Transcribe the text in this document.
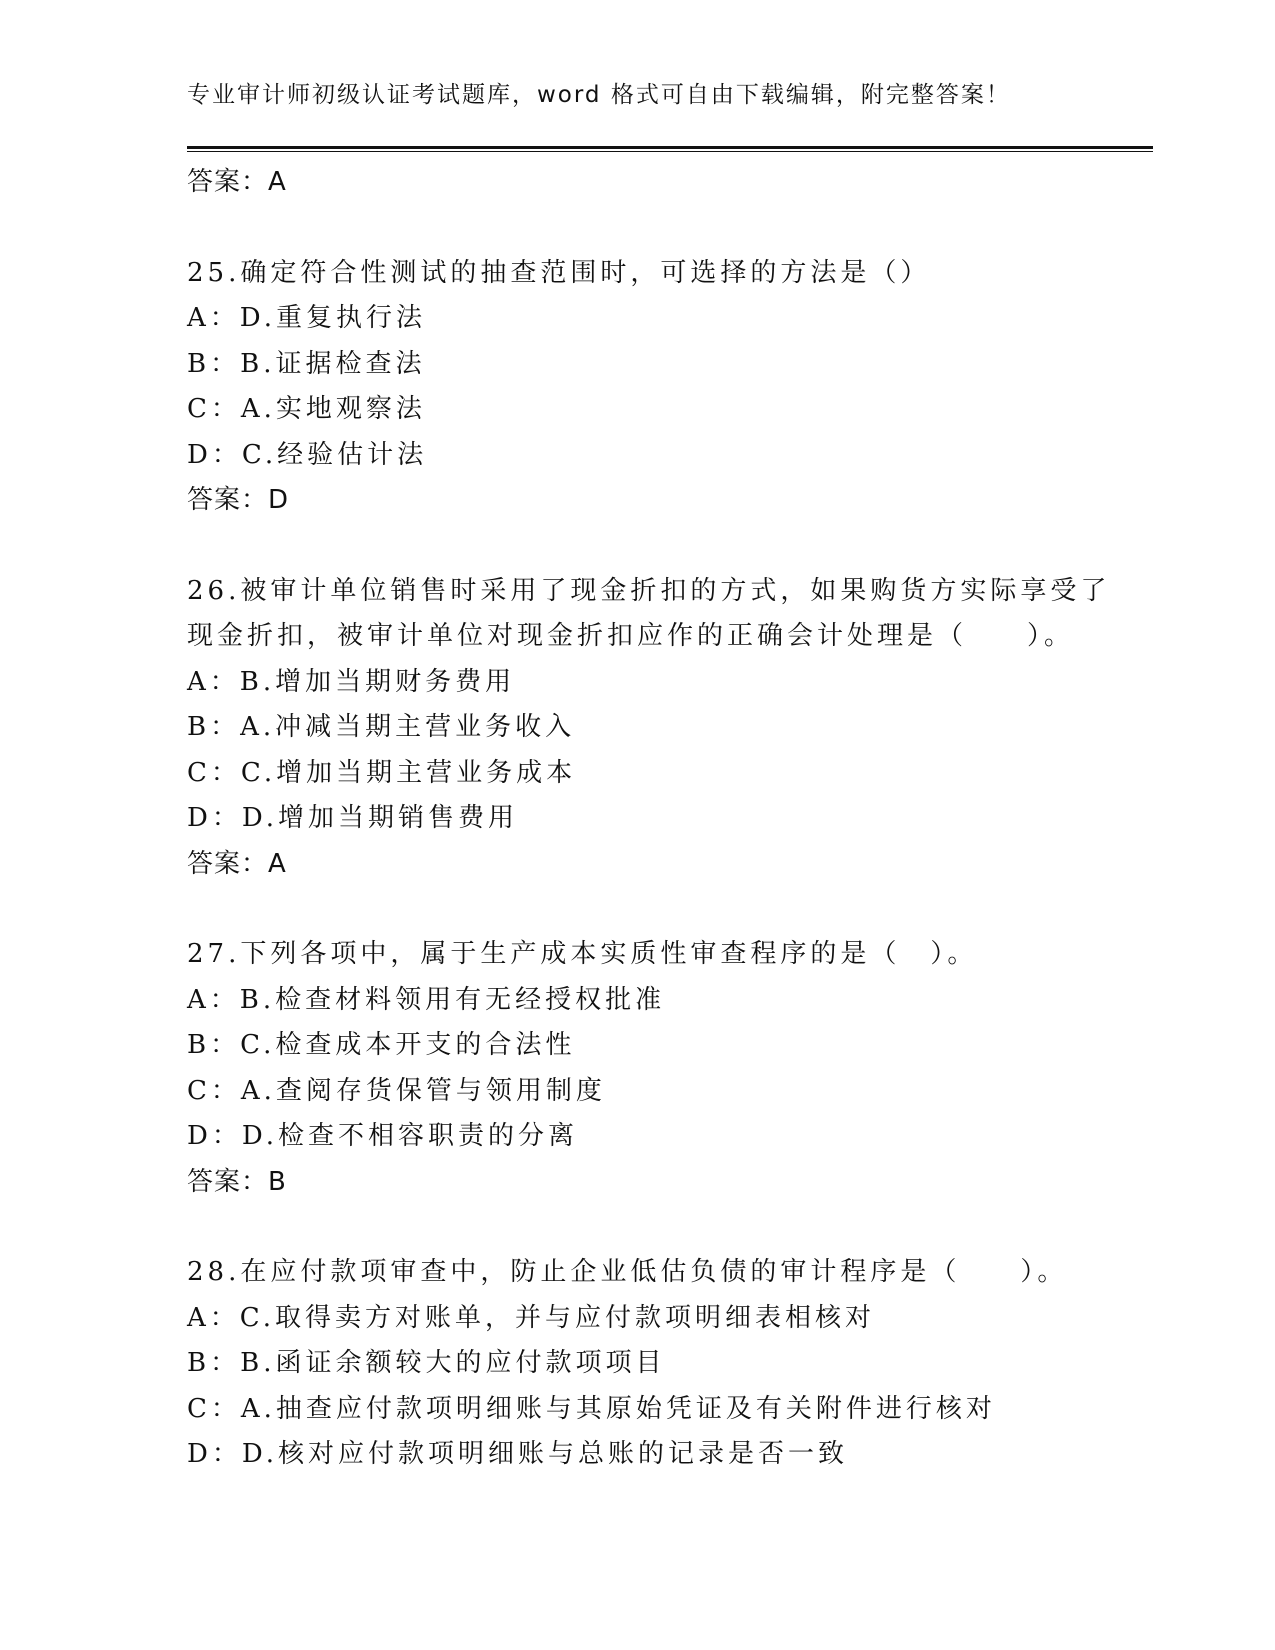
专业审计师初级认证考试题库，word 格式可自由下载编辑，附完整答案！
答案：A
25.确定符合性测试的抽查范围时，可选择的方法是（）
A：D.重复执行法
B：B.证据检查法
C：A.实地观察法
D：C.经验估计法
答案：D
26.被审计单位销售时采用了现金折扣的方式，如果购货方实际享受了
现金折扣，被审计单位对现金折扣应作的正确会计处理是（　　）。
A：B.增加当期财务费用
B：A.冲减当期主营业务收入
C：C.增加当期主营业务成本
D：D.增加当期销售费用
答案：A
27.下列各项中，属于生产成本实质性审查程序的是（　）。
A：B.检查材料领用有无经授权批准
B：C.检查成本开支的合法性
C：A.查阅存货保管与领用制度
D：D.检查不相容职责的分离
答案：B
28.在应付款项审查中，防止企业低估负债的审计程序是（　　）。
A：C.取得卖方对账单，并与应付款项明细表相核对
B：B.函证余额较大的应付款项项目
C：A.抽查应付款项明细账与其原始凭证及有关附件进行核对
D：D.核对应付款项明细账与总账的记录是否一致
